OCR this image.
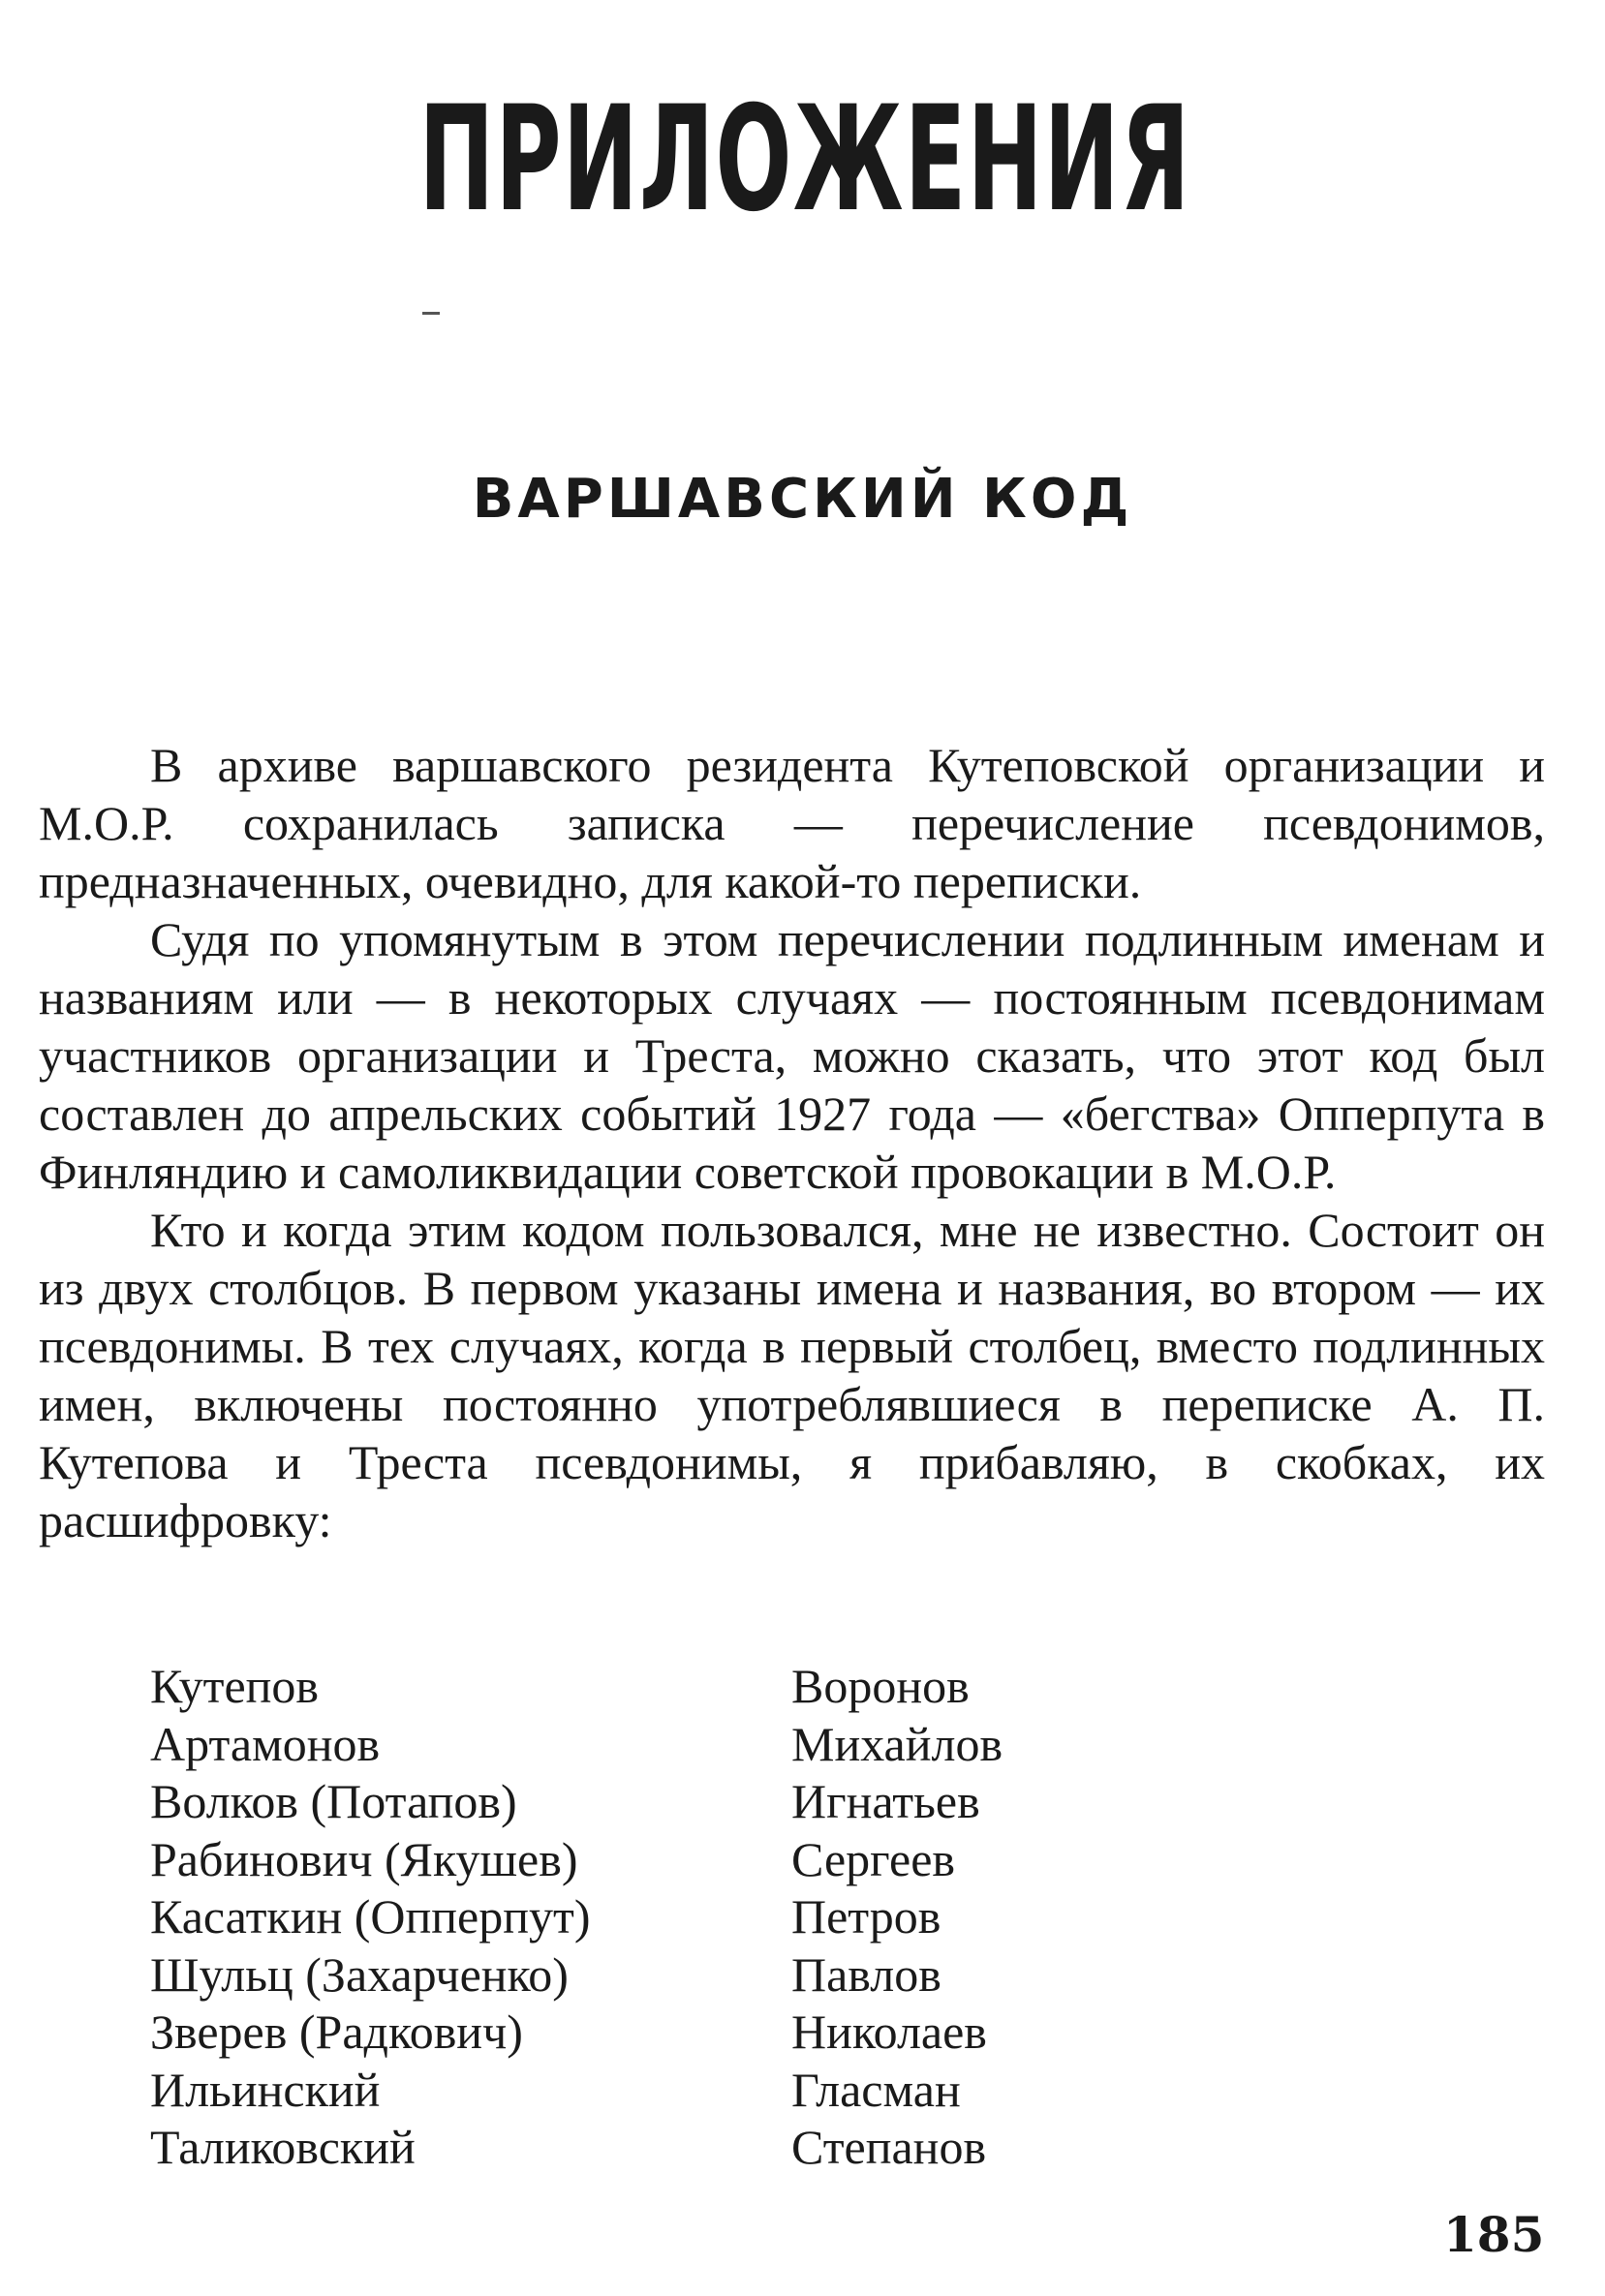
ПРИЛОЖЕНИЯ
ВАРШАВСКИЙ КОД

В архиве варшавского резидента Кутеповской организации и М.О.Р. сохранилась записка — перечисление псевдонимов, предназначенных, очевидно, для какой-то переписки.

Судя по упомянутым в этом перечислении подлинным именам и названиям или — в некоторых случаях — постоянным псевдонимам участников организации и Треста, можно сказать, что этот код был составлен до апрельских событий 1927 года — «бегства» Опперпута в Финляндию и самоликвидации советской провокации в М.О.Р.

Кто и когда этим кодом пользовался, мне не известно. Состоит он из двух столбцов. В первом указаны имена и названия, во втором — их псевдонимы. В тех случаях, когда в первый столбец, вместо подлинных имен, включены постоянно употреблявшиеся в переписке А. П. Кутепова и Треста псевдонимы, я прибавляю, в скобках, их расшифровку:

Кутепов
Артамонов
Волков (Потапов)
Рабинович (Якушев)
Касаткин (Опперпут)
Шульц (Захарченко)
Зверев (Радкович)
Ильинский
Таликовский
Воронов
Михайлов
Игнатьев
Сергеев
Петров
Павлов
Николаев
Гласман
Степанов
185
